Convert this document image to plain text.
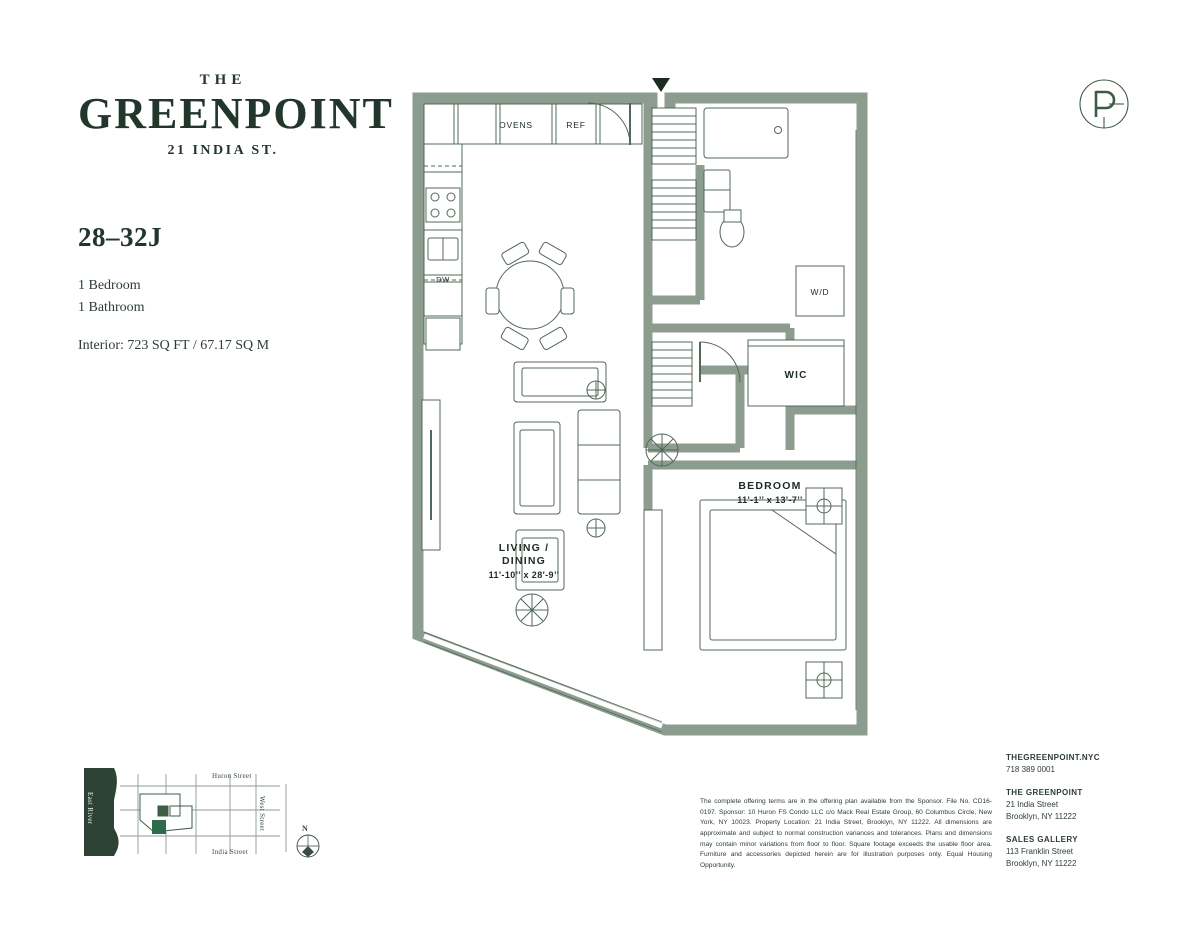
THE
GREENPOINT
21 INDIA ST.
28–32J
1 Bedroom
1 Bathroom
Interior: 723 SQ FT / 67.17 SQ M
OVENS	REF
DW
W/D
WIC
LIVING /
DINING
11'-10’’ x 28'-9’’
BEDROOM
11'-1’’ x 13'-7’’
Huron Street
India Street
West Street
East River
N
The complete offering terms are in the offering plan available from the Sponsor. File No. CD16-0197. Sponsor: 10 Huron FS Condo LLC c/o Mack Real Estate Group, 60 Columbus Circle, New York, NY 10023. Property Location: 21 India Street, Brooklyn, NY 11222. All dimensions are approximate and subject to normal construction variances and tolerances. Plans and dimensions may contain minor variations from floor to floor. Square footage exceeds the usable floor area. Furniture and accessories depicted herein are for illustration purposes only. Equal Housing Opportunity.
THEGREENPOINT.NYC
718 389 0001
THE GREENPOINT
21 India Street
Brooklyn, NY 11222
SALES GALLERY
113 Franklin Street
Brooklyn, NY 11222
